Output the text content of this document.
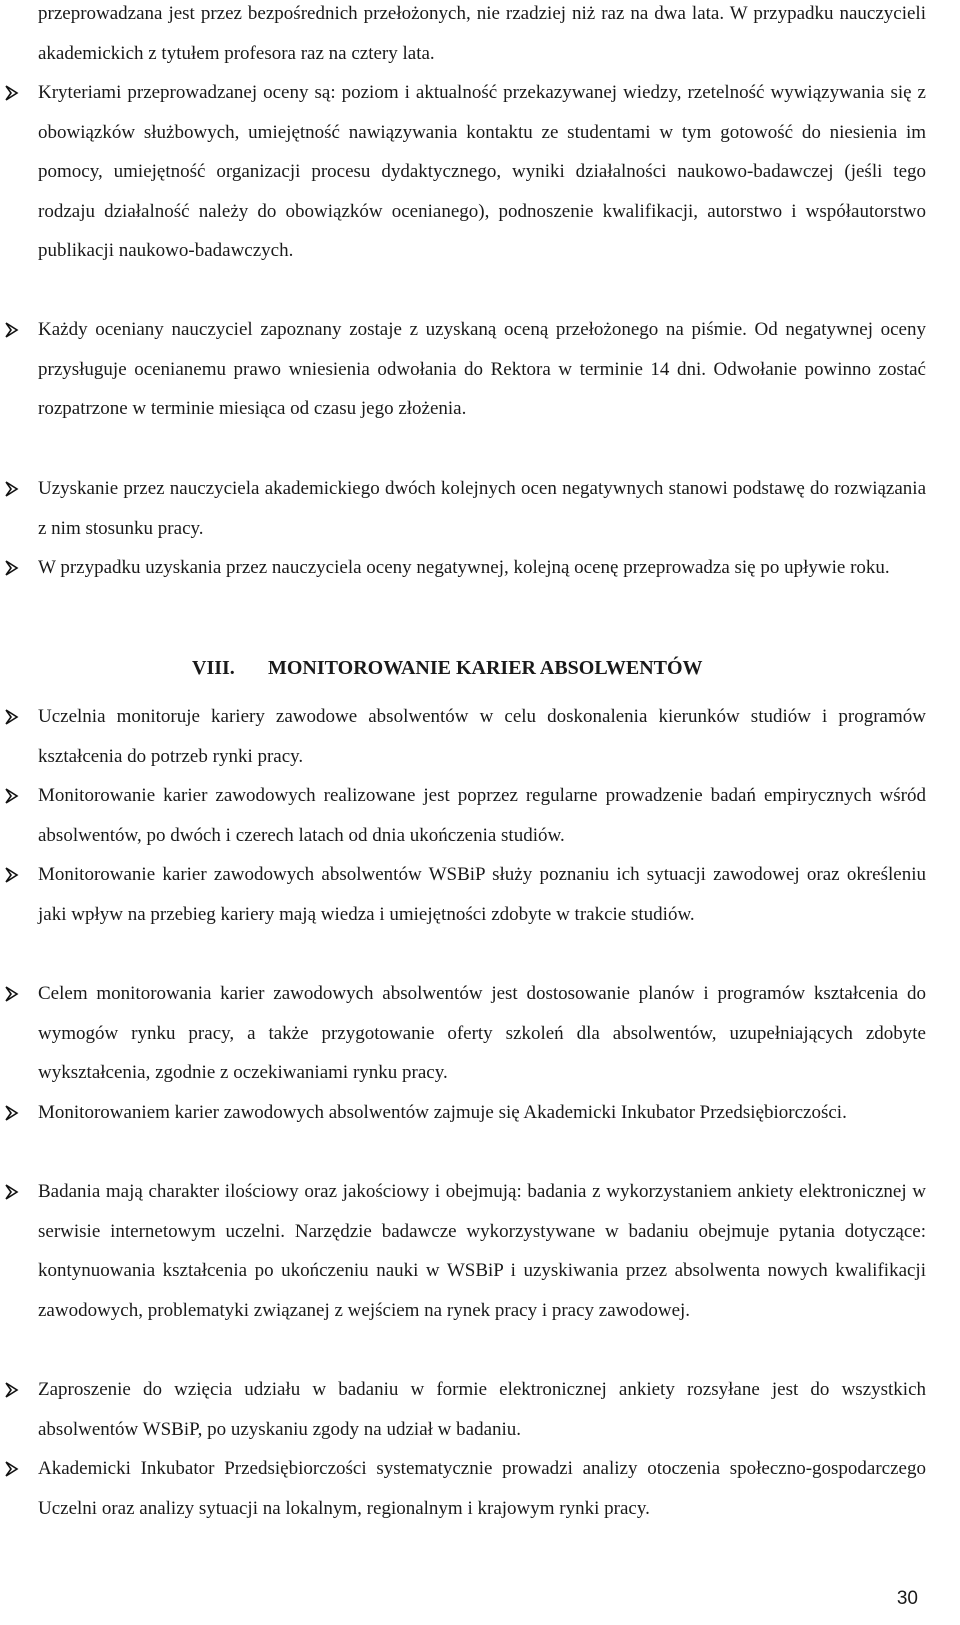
przeprowadzana jest przez bezpośrednich przełożonych, nie rzadziej niż raz na dwa lata. W przypadku nauczycieli akademickich z tytułem profesora raz na cztery lata.

Kryteriami przeprowadzanej oceny są: poziom i aktualność przekazywanej wiedzy, rzetelność wywiązywania się z obowiązków służbowych, umiejętność nawiązywania kontaktu ze studentami w tym gotowość do niesienia im pomocy, umiejętność organizacji procesu dydaktycznego, wyniki działalności naukowo-badawczej (jeśli tego rodzaju działalność należy do obowiązków ocenianego), podnoszenie kwalifikacji, autorstwo i współautorstwo publikacji naukowo-badawczych.

Każdy oceniany nauczyciel zapoznany zostaje z uzyskaną oceną przełożonego na piśmie. Od negatywnej oceny przysługuje ocenianemu prawo wniesienia odwołania do Rektora w terminie 14 dni. Odwołanie powinno zostać rozpatrzone w terminie miesiąca od czasu jego złożenia.

Uzyskanie przez nauczyciela akademickiego dwóch kolejnych ocen negatywnych stanowi podstawę do rozwiązania z nim stosunku pracy.

W przypadku uzyskania przez nauczyciela oceny negatywnej, kolejną ocenę przeprowadza się po upływie roku.

VIII. MONITOROWANIE KARIER ABSOLWENTÓW

Uczelnia monitoruje kariery zawodowe absolwentów w celu doskonalenia kierunków studiów i programów kształcenia do potrzeb rynki pracy.

Monitorowanie karier zawodowych realizowane jest poprzez regularne prowadzenie badań empirycznych wśród absolwentów, po dwóch i czerech latach od dnia ukończenia studiów.

Monitorowanie karier zawodowych absolwentów WSBiP służy poznaniu ich sytuacji zawodowej oraz określeniu jaki wpływ na przebieg kariery mają wiedza i umiejętności zdobyte w trakcie studiów.

Celem monitorowania karier zawodowych absolwentów jest dostosowanie planów i programów kształcenia do wymogów rynku pracy, a także przygotowanie oferty szkoleń dla absolwentów, uzupełniających zdobyte wykształcenia, zgodnie z oczekiwaniami rynku pracy.

Monitorowaniem karier zawodowych absolwentów zajmuje się Akademicki Inkubator Przedsiębiorczości.

Badania mają charakter ilościowy oraz jakościowy i obejmują: badania z wykorzystaniem ankiety elektronicznej w serwisie internetowym uczelni. Narzędzie badawcze wykorzystywane w badaniu obejmuje pytania dotyczące: kontynuowania kształcenia po ukończeniu nauki w WSBiP i uzyskiwania przez absolwenta nowych kwalifikacji zawodowych, problematyki związanej z wejściem na rynek pracy i pracy zawodowej.

Zaproszenie do wzięcia udziału w badaniu w formie elektronicznej ankiety rozsyłane jest do wszystkich absolwentów WSBiP, po uzyskaniu zgody na udział w badaniu.

Akademicki Inkubator Przedsiębiorczości systematycznie prowadzi analizy otoczenia społeczno-gospodarczego Uczelni oraz analizy sytuacji na lokalnym, regionalnym i krajowym rynki pracy.

30
